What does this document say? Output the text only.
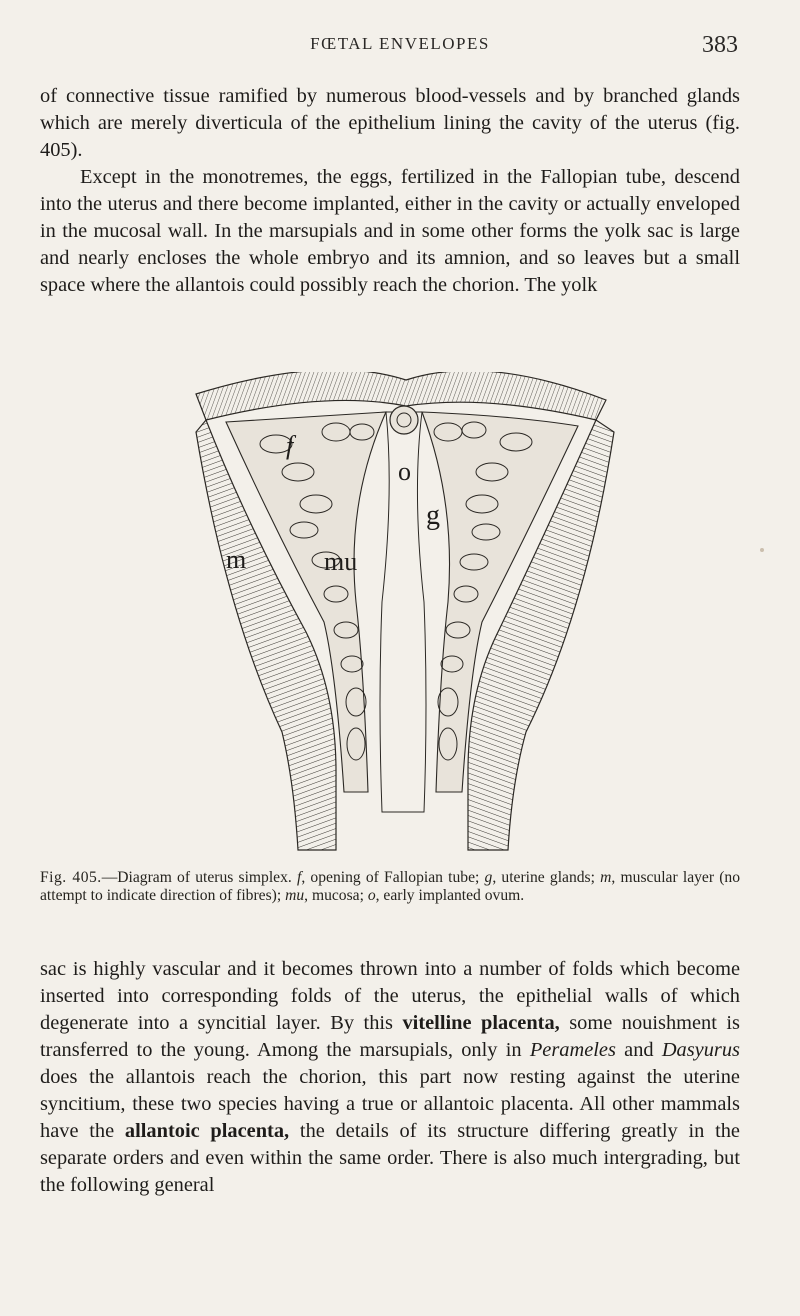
FŒTAL ENVELOPES	383

of connective tissue ramified by numerous blood-vessels and by branched glands which are merely diverticula of the epithelium lining the cavity of the uterus (fig. 405).

Except in the monotremes, the eggs, fertilized in the Fallopian tube, descend into the uterus and there become implanted, either in the cavity or actually enveloped in the mucosal wall. In the marsupials and in some other forms the yolk sac is large and nearly encloses the whole embryo and its amnion, and so leaves but a small space where the allantois could possibly reach the chorion. The yolk

f
o
g
m	mu
Fig. 405.—Diagram of uterus simplex. f, opening of Fallopian tube; g, uterine glands; m, muscular layer (no attempt to indicate direction of fibres); mu, mucosa; o, early implanted ovum.

sac is highly vascular and it becomes thrown into a number of folds which become inserted into corresponding folds of the uterus, the epithelial walls of which degenerate into a syncitial layer. By this vitelline placenta, some nouishment is transferred to the young. Among the marsupials, only in Perameles and Dasyurus does the allantois reach the chorion, this part now resting against the uterine syncitium, these two species having a true or allantoic placenta. All other mammals have the allantoic placenta, the details of its structure differing greatly in the separate orders and even within the same order. There is also much intergrading, but the following general
